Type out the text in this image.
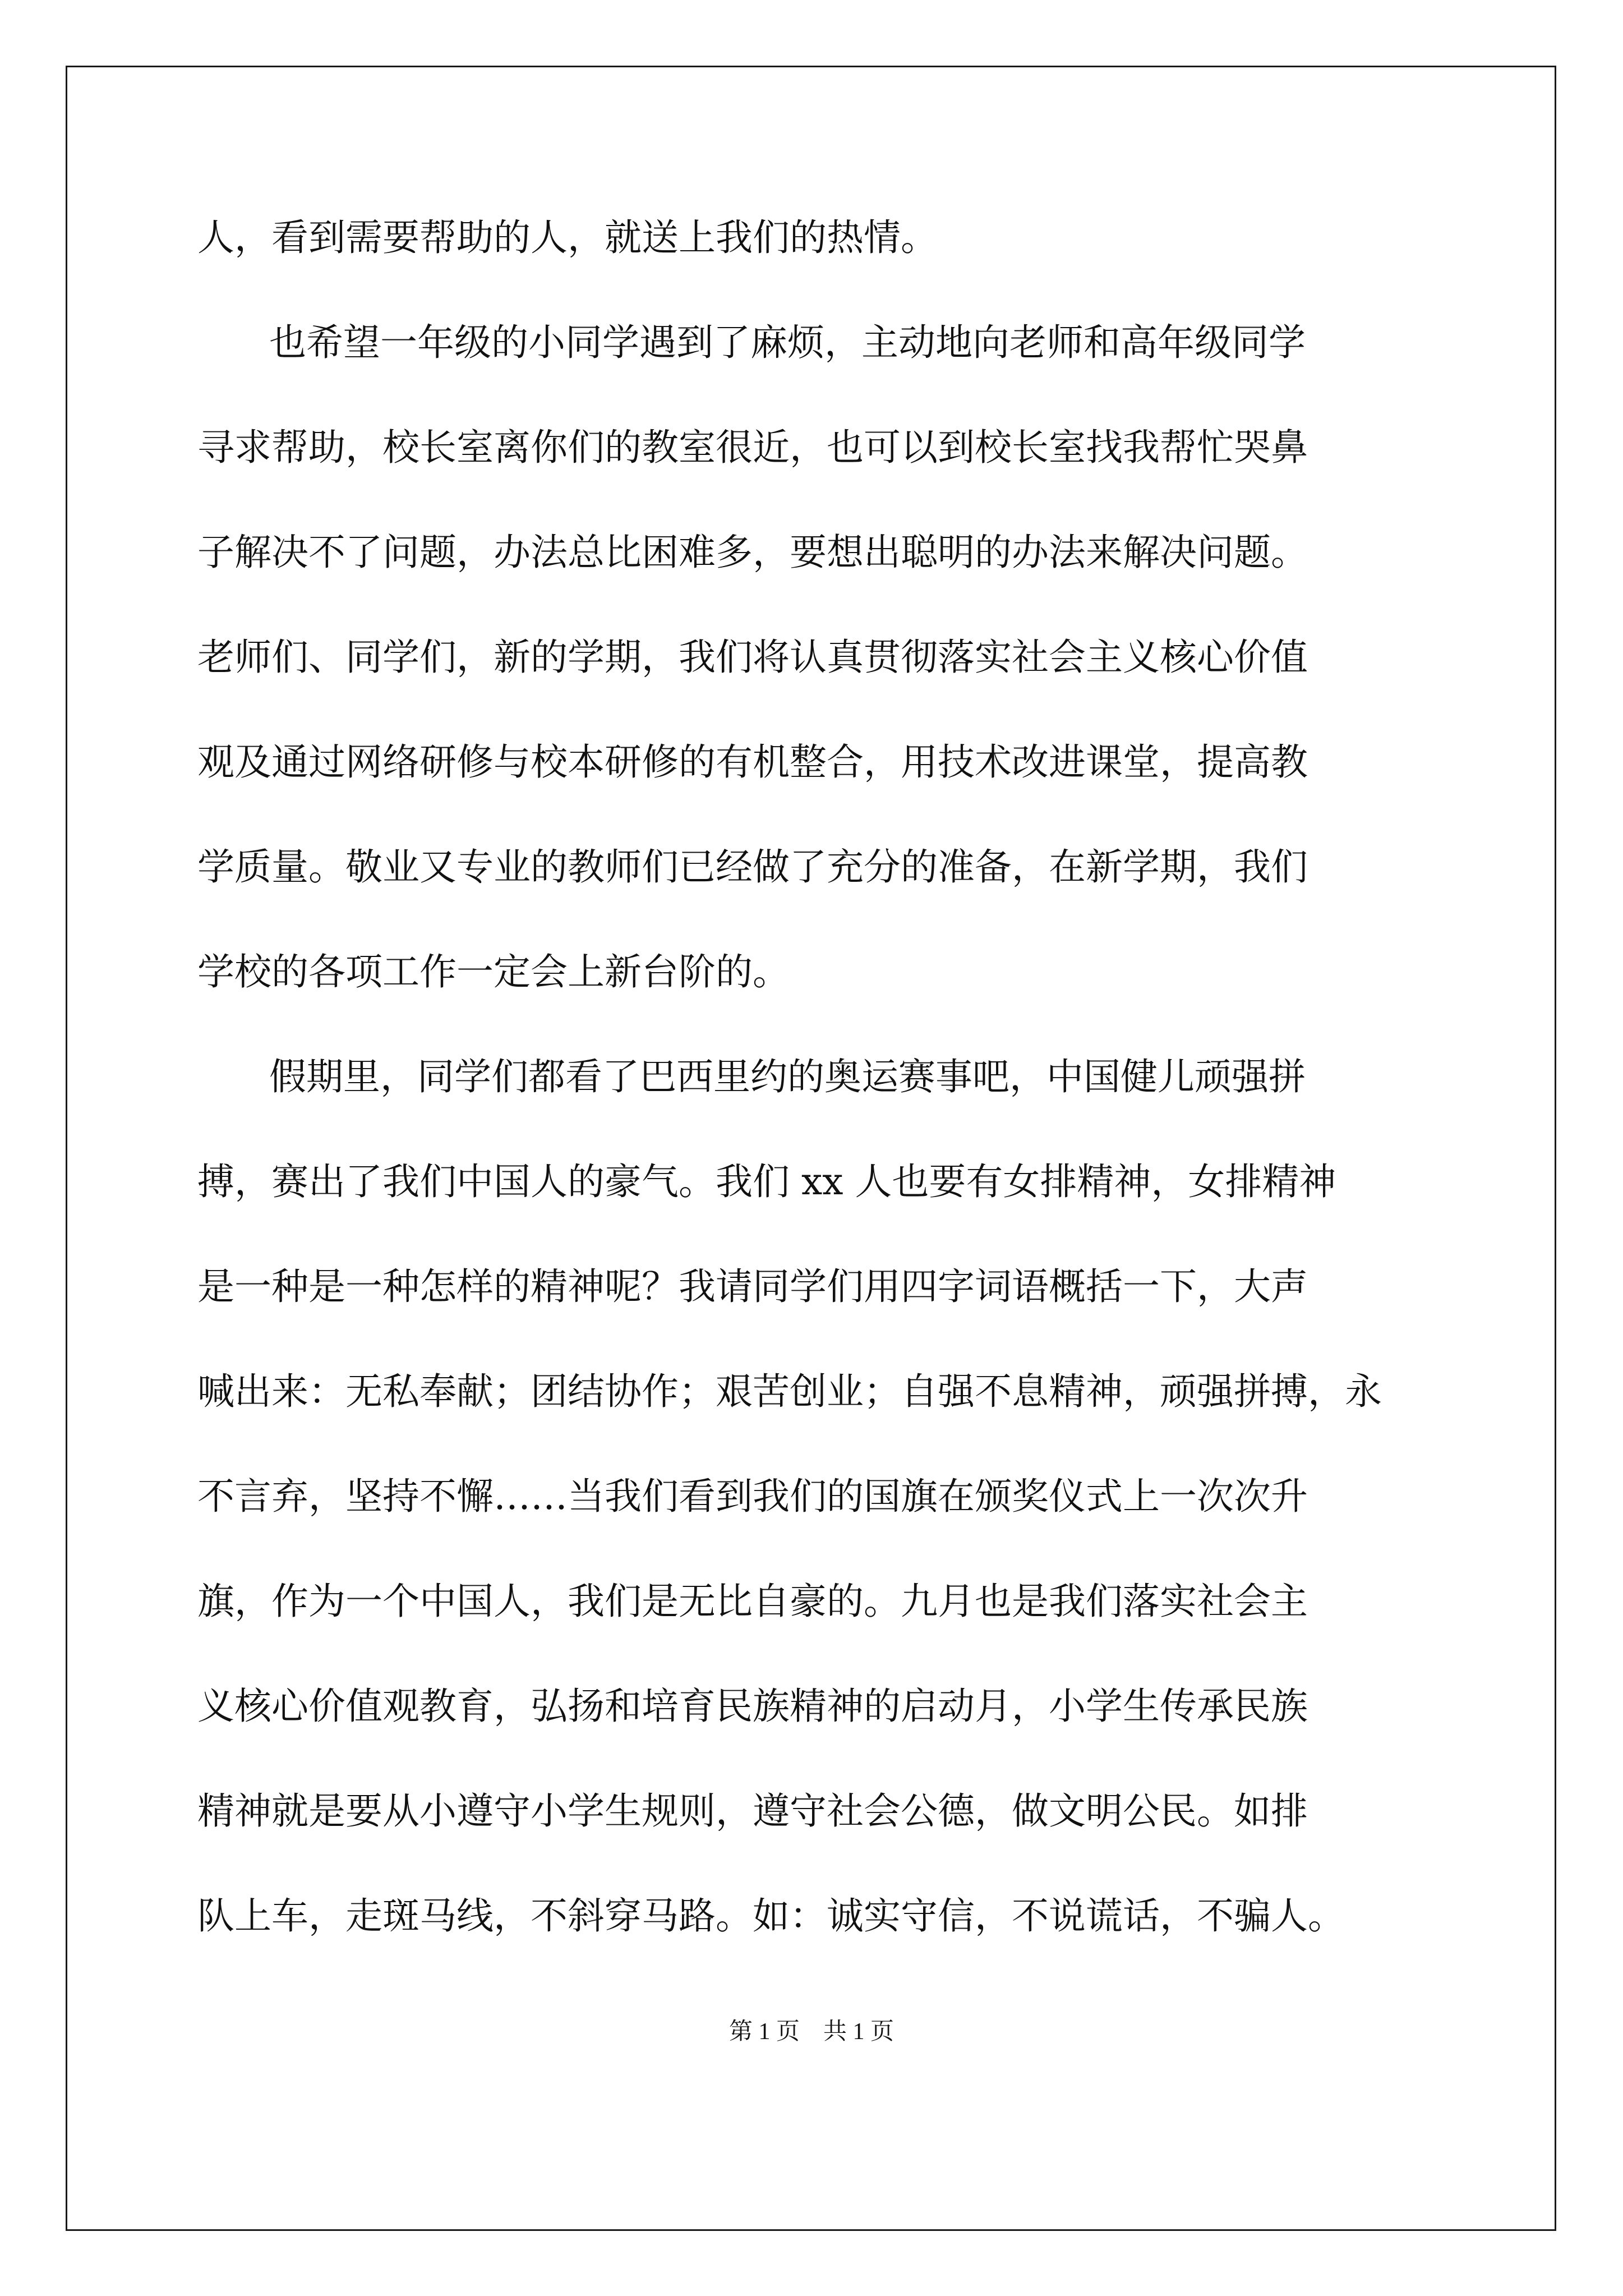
人，看到需要帮助的人，就送上我们的热情。
也希望一年级的小同学遇到了麻烦，主动地向老师和高年级同学
寻求帮助，校长室离你们的教室很近，也可以到校长室找我帮忙哭鼻
子解决不了问题，办法总比困难多，要想出聪明的办法来解决问题。
老师们、同学们，新的学期，我们将认真贯彻落实社会主义核心价值
观及通过网络研修与校本研修的有机整合，用技术改进课堂，提高教
学质量。敬业又专业的教师们已经做了充分的准备，在新学期，我们
学校的各项工作一定会上新台阶的。
假期里，同学们都看了巴西里约的奥运赛事吧，中国健儿顽强拼
搏，赛出了我们中国人的豪气。我们 xx 人也要有女排精神，女排精神
是一种是一种怎样的精神呢？我请同学们用四字词语概括一下，大声
喊出来：无私奉献；团结协作；艰苦创业；自强不息精神，顽强拼搏，永
不言弃，坚持不懈……当我们看到我们的国旗在颁奖仪式上一次次升
旗，作为一个中国人，我们是无比自豪的。九月也是我们落实社会主
义核心价值观教育，弘扬和培育民族精神的启动月，小学生传承民族
精神就是要从小遵守小学生规则，遵守社会公德，做文明公民。如排
队上车，走斑马线，不斜穿马路。如：诚实守信，不说谎话，不骗人。
第 1 页　共 1 页
